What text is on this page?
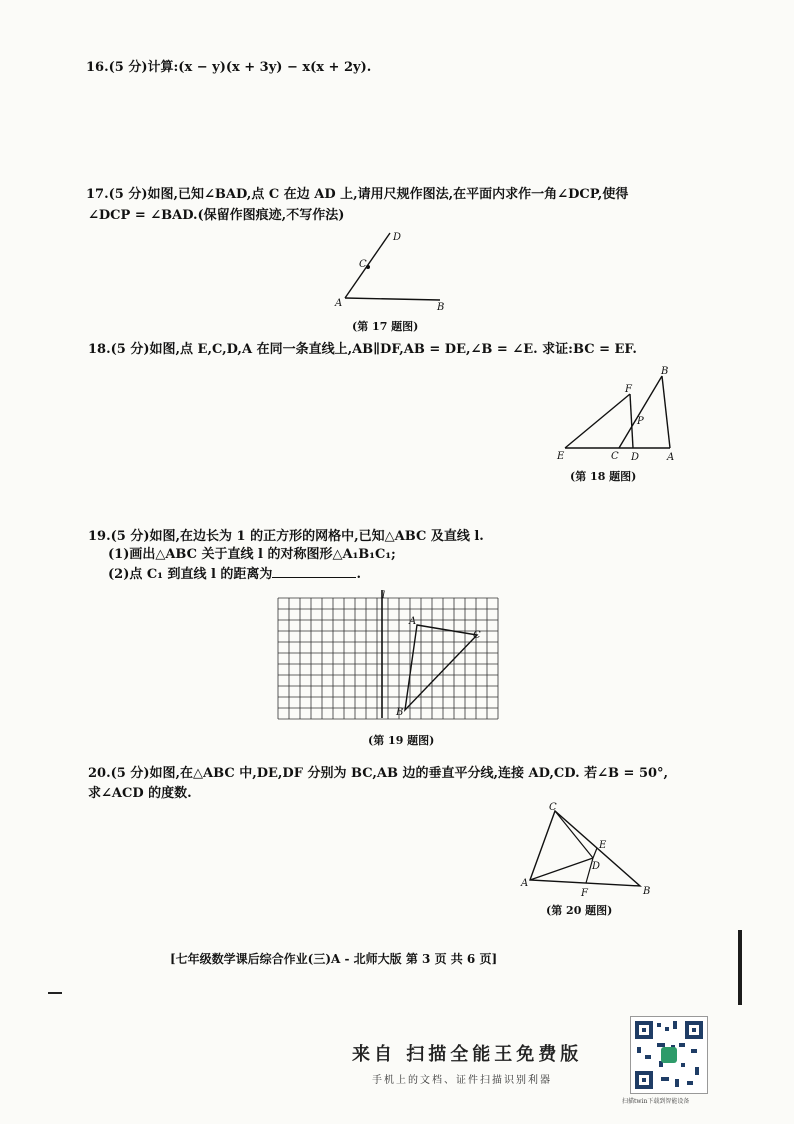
16.(5 分)计算:(x − y)(x + 3y) − x(x + 2y).
17.(5 分)如图,已知∠BAD,点 C 在边 AD 上,请用尺规作图法,在平面内求作一角∠DCP,使得
∠DCP = ∠BAD.(保留作图痕迹,不写作法)
A	B
C
D
(第 17 题图)
18.(5 分)如图,点 E,C,D,A 在同一条直线上,AB∥DF,AB = DE,∠B = ∠E. 求证:BC = EF.
E	C D	A
F
B
P
(第 18 题图)
19.(5 分)如图,在边长为 1 的正方形的网格中,已知△ABC 及直线 l.
(1)画出△ABC 关于直线 l 的对称图形△A₁B₁C₁;
(2)点 C₁ 到直线 l 的距离为	.
l
A
B
C
(第 19 题图)
20.(5 分)如图,在△ABC 中,DE,DF 分别为 BC,AB 边的垂直平分线,连接 AD,CD. 若∠B = 50°,
求∠ACD 的度数.
C
E
D
A
F	B
(第 20 题图)
[七年级数学课后综合作业(三)A - 北师大版 第 3 页 共 6 页]
来自 扫描全能王免费版
手机上的文档、证件扫描识别利器
扫描twin下载到智能设备
